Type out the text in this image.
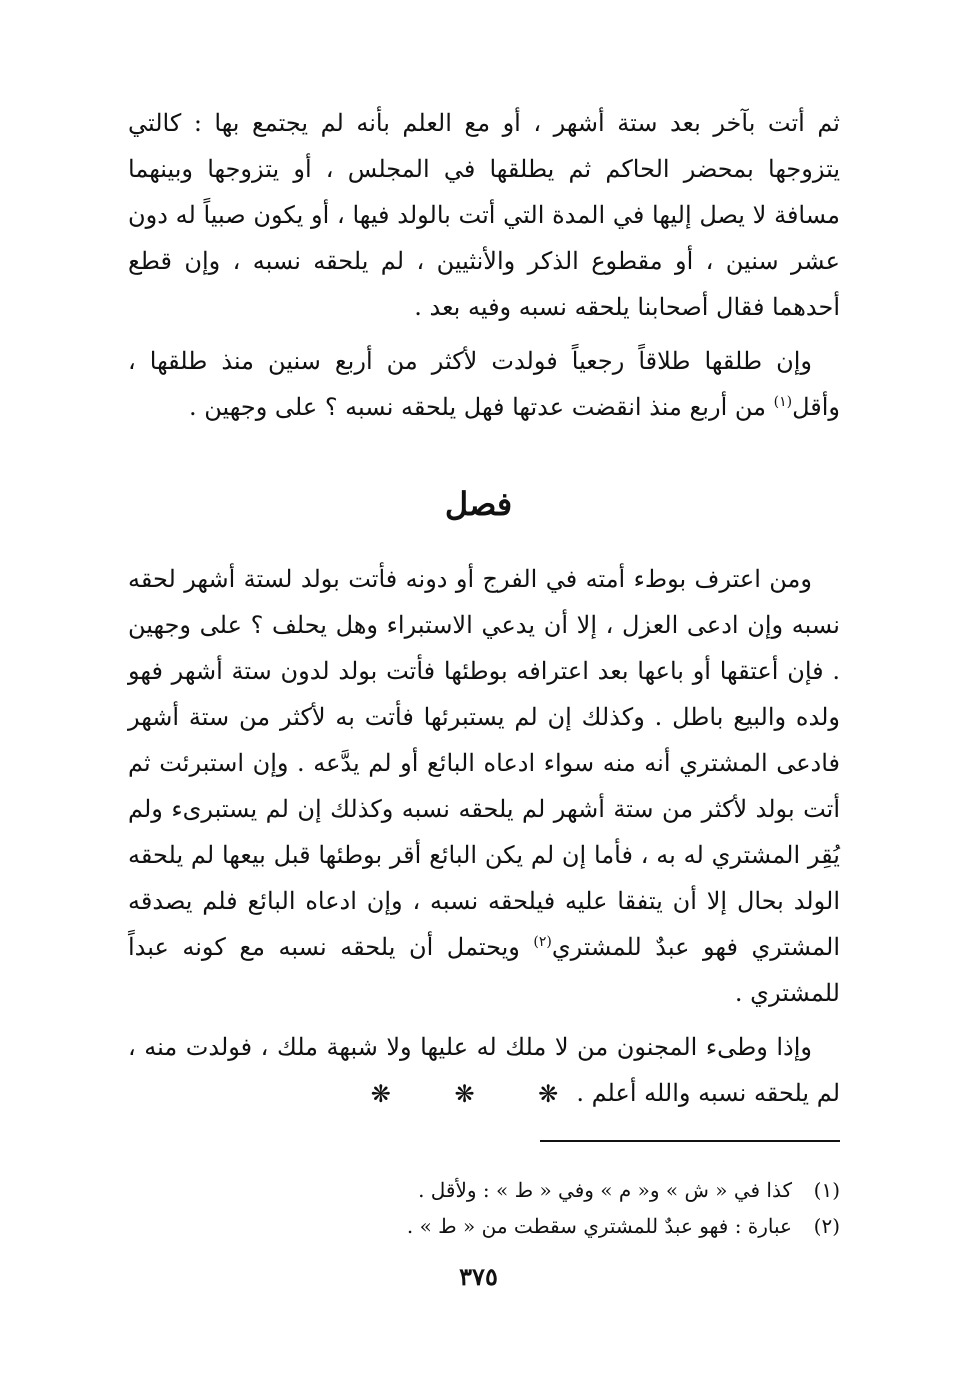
ثم أتت بآخر بعد ستة أشهر ، أو مع العلم بأنه لم يجتمع بها : كالتي يتزوجها بمحضر الحاكم ثم يطلقها في المجلس ، أو يتزوجها وبينهما مسافة لا يصل إليها في المدة التي أتت بالولد فيها ، أو يكون صبياً له دون عشر سنين ، أو مقطوع الذكر والأنثيين ، لم يلحقه نسبه ، وإن قطع أحدهما فقال أصحابنا يلحقه نسبه وفيه بعد .

وإن طلقها طلاقاً رجعياً فولدت لأكثر من أربع سنين منذ طلقها ، وأقل$^{(١)}$ من أربع منذ انقضت عدتها فهل يلحقه نسبه ؟ على وجهين .

فصل

ومن اعترف بوطء أمته في الفرج أو دونه فأتت بولد لستة أشهر لحقه نسبه وإن ادعى العزل ، إلا أن يدعي الاستبراء وهل يحلف ؟ على وجهين . فإن أعتقها أو باعها بعد اعترافه بوطئها فأتت بولد لدون ستة أشهر فهو ولده والبيع باطل . وكذلك إن لم يستبرئها فأتت به لأكثر من ستة أشهر فادعى المشتري أنه منه سواء ادعاه البائع أو لم يدَّعه . وإن استبرئت ثم أتت بولد لأكثر من ستة أشهر لم يلحقه نسبه وكذلك إن لم يستبرىء ولم يُقِر المشتري له به ، فأما إن لم يكن البائع أقر بوطئها قبل بيعها لم يلحقه الولد بحال إلا أن يتفقا عليه فيلحقه نسبه ، وإن ادعاه البائع فلم يصدقه المشتري فهو عبدٌ للمشتري$^{(٢)}$ ويحتمل أن يلحقه نسبه مع كونه عبداً للمشتري .

وإذا وطىء المجنون من لا ملك له عليها ولا شبهة ملك ، فولدت منه ، لم يلحقه نسبه والله أعلم .

❋ ❋ ❋
(١)
كذا في « ش » و« م » وفي « ط » : ولأقل .
(٢)
عبارة : فهو عبدٌ للمشتري سقطت من « ط » .
٣٧٥
